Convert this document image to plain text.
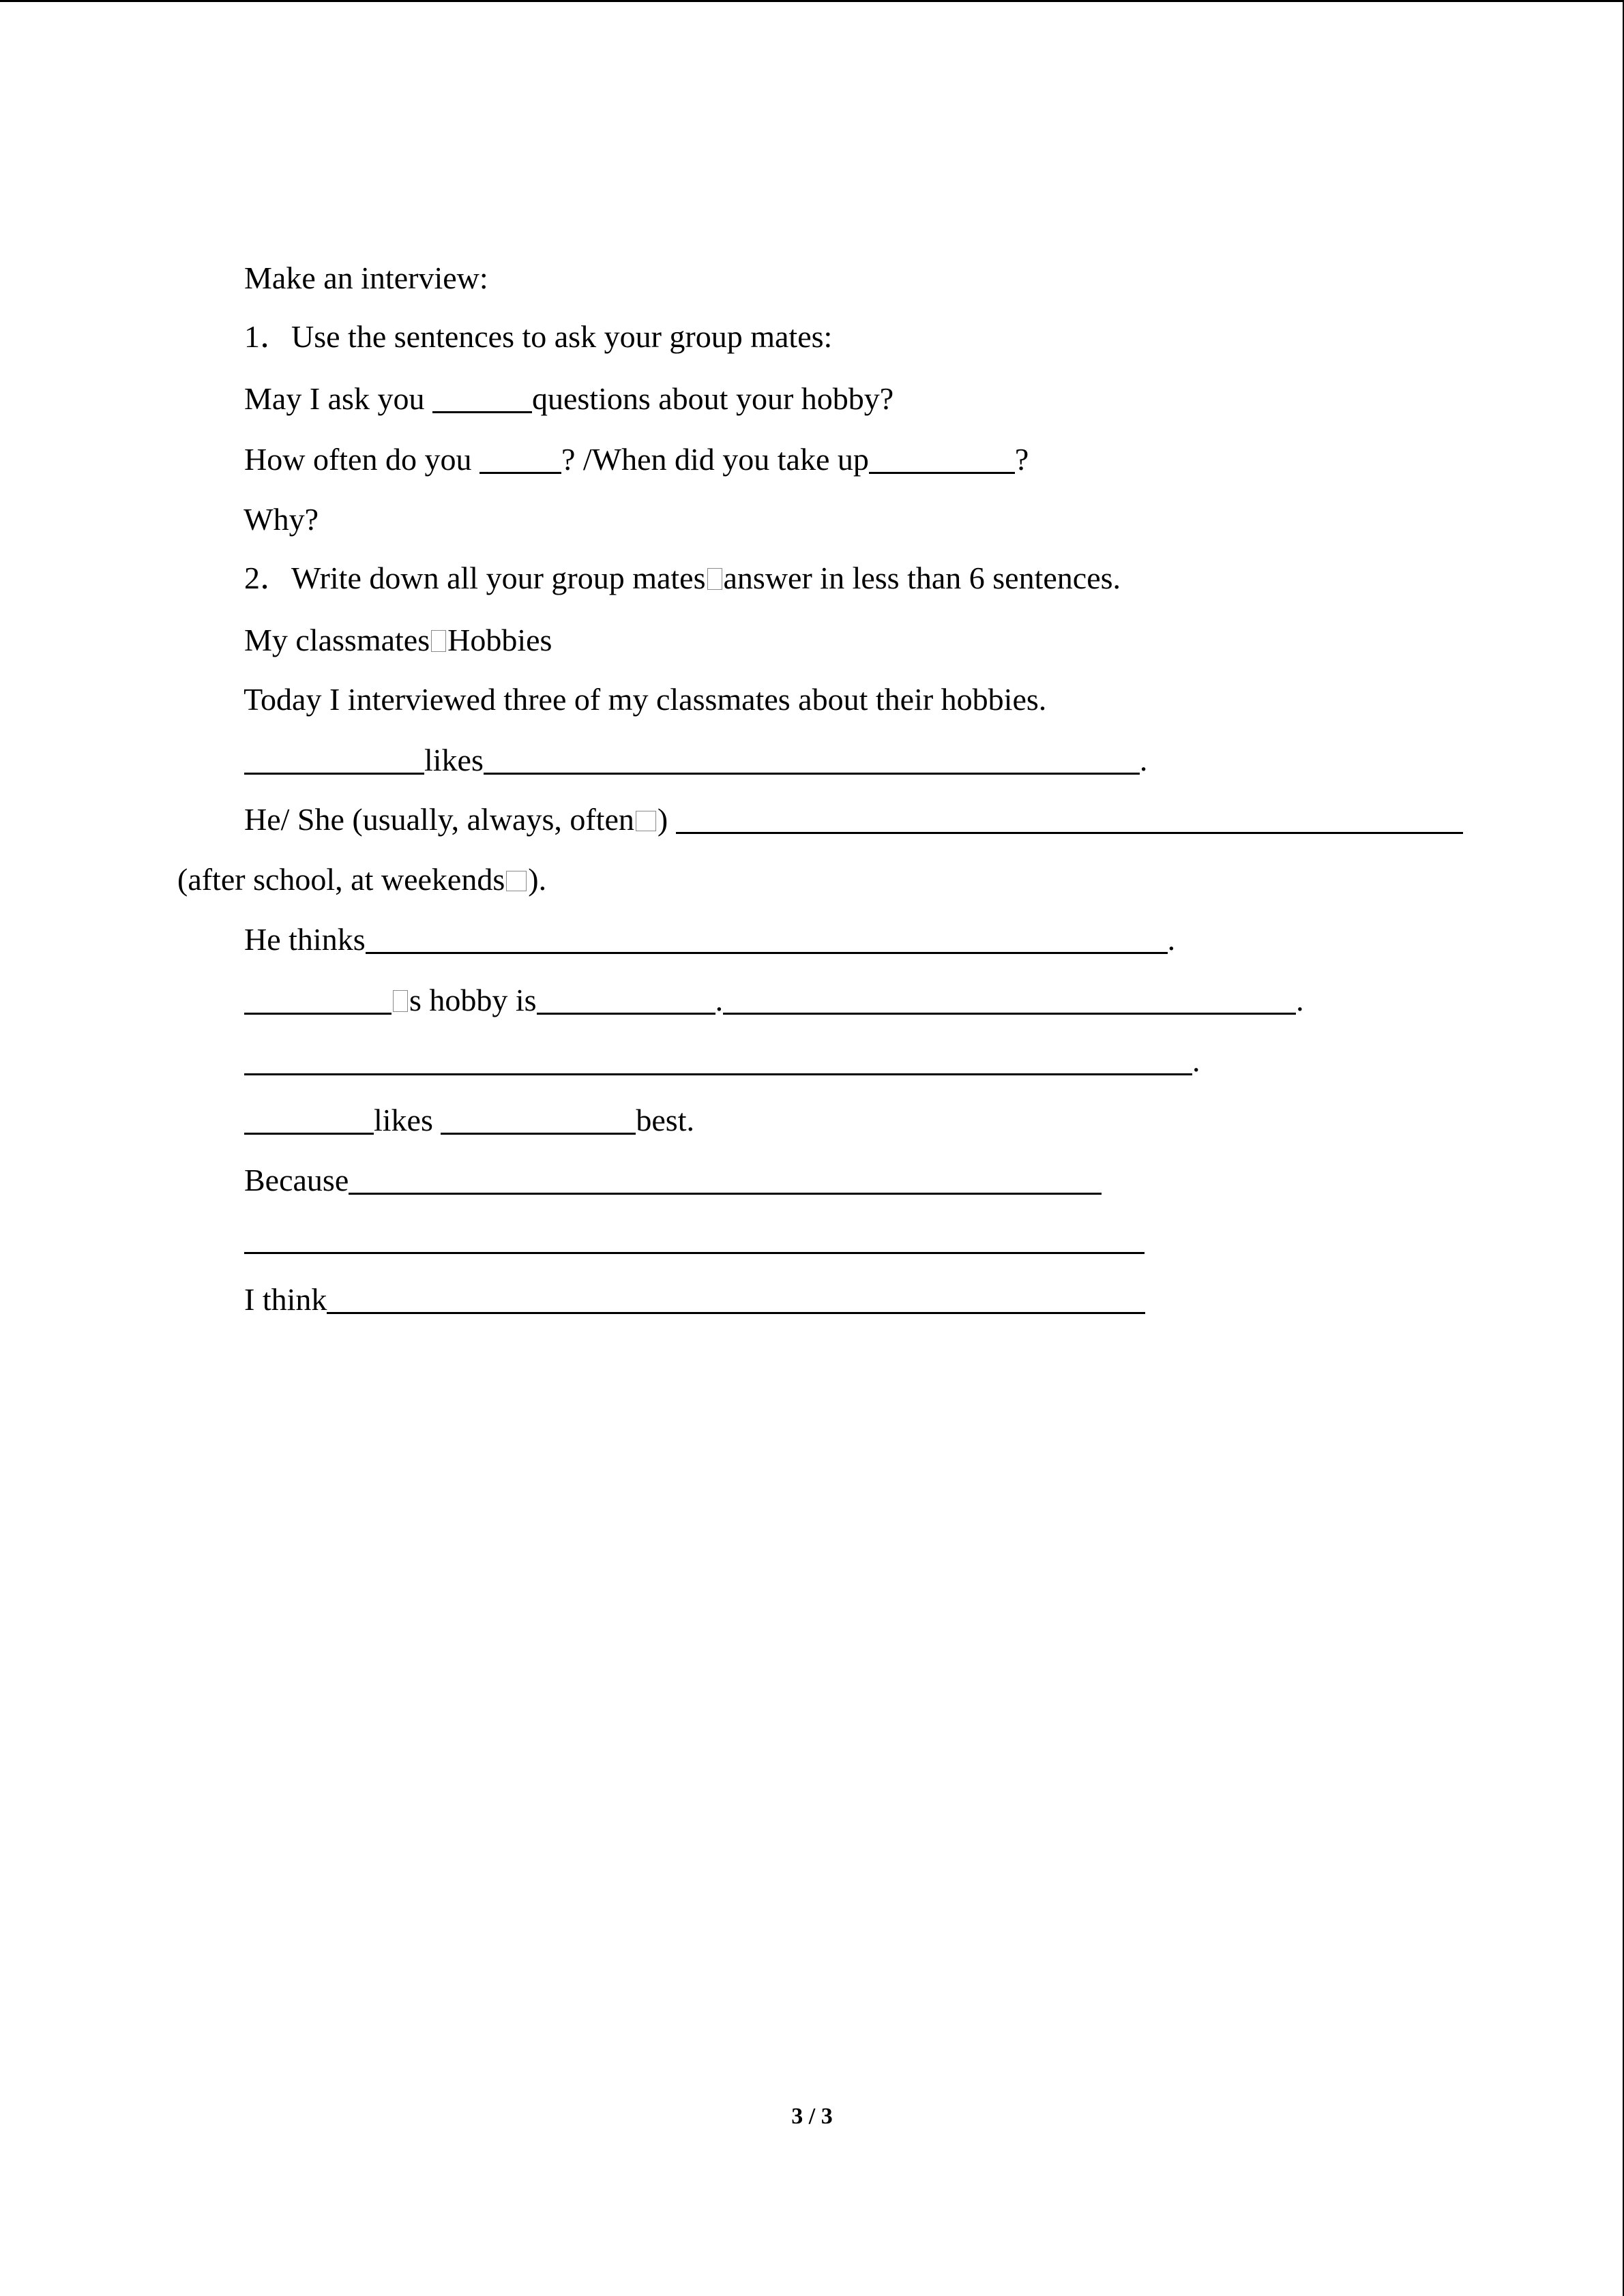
Make an interview:

1．Use the sentences to ask your group mates:

May I ask you	questions about your hobby?

How often do you	? /When did you take up	?

Why?

2．Write down all your group mates answer in less than 6 sentences.

My classmates Hobbies

Today I interviewed three of my classmates about their hobbies.

likes	.

He/ She (usually, always, often )

(after school, at weekends ).

He thinks	.

s hobby is	.	.

.

likes	best.

Because

I think

3 / 3
